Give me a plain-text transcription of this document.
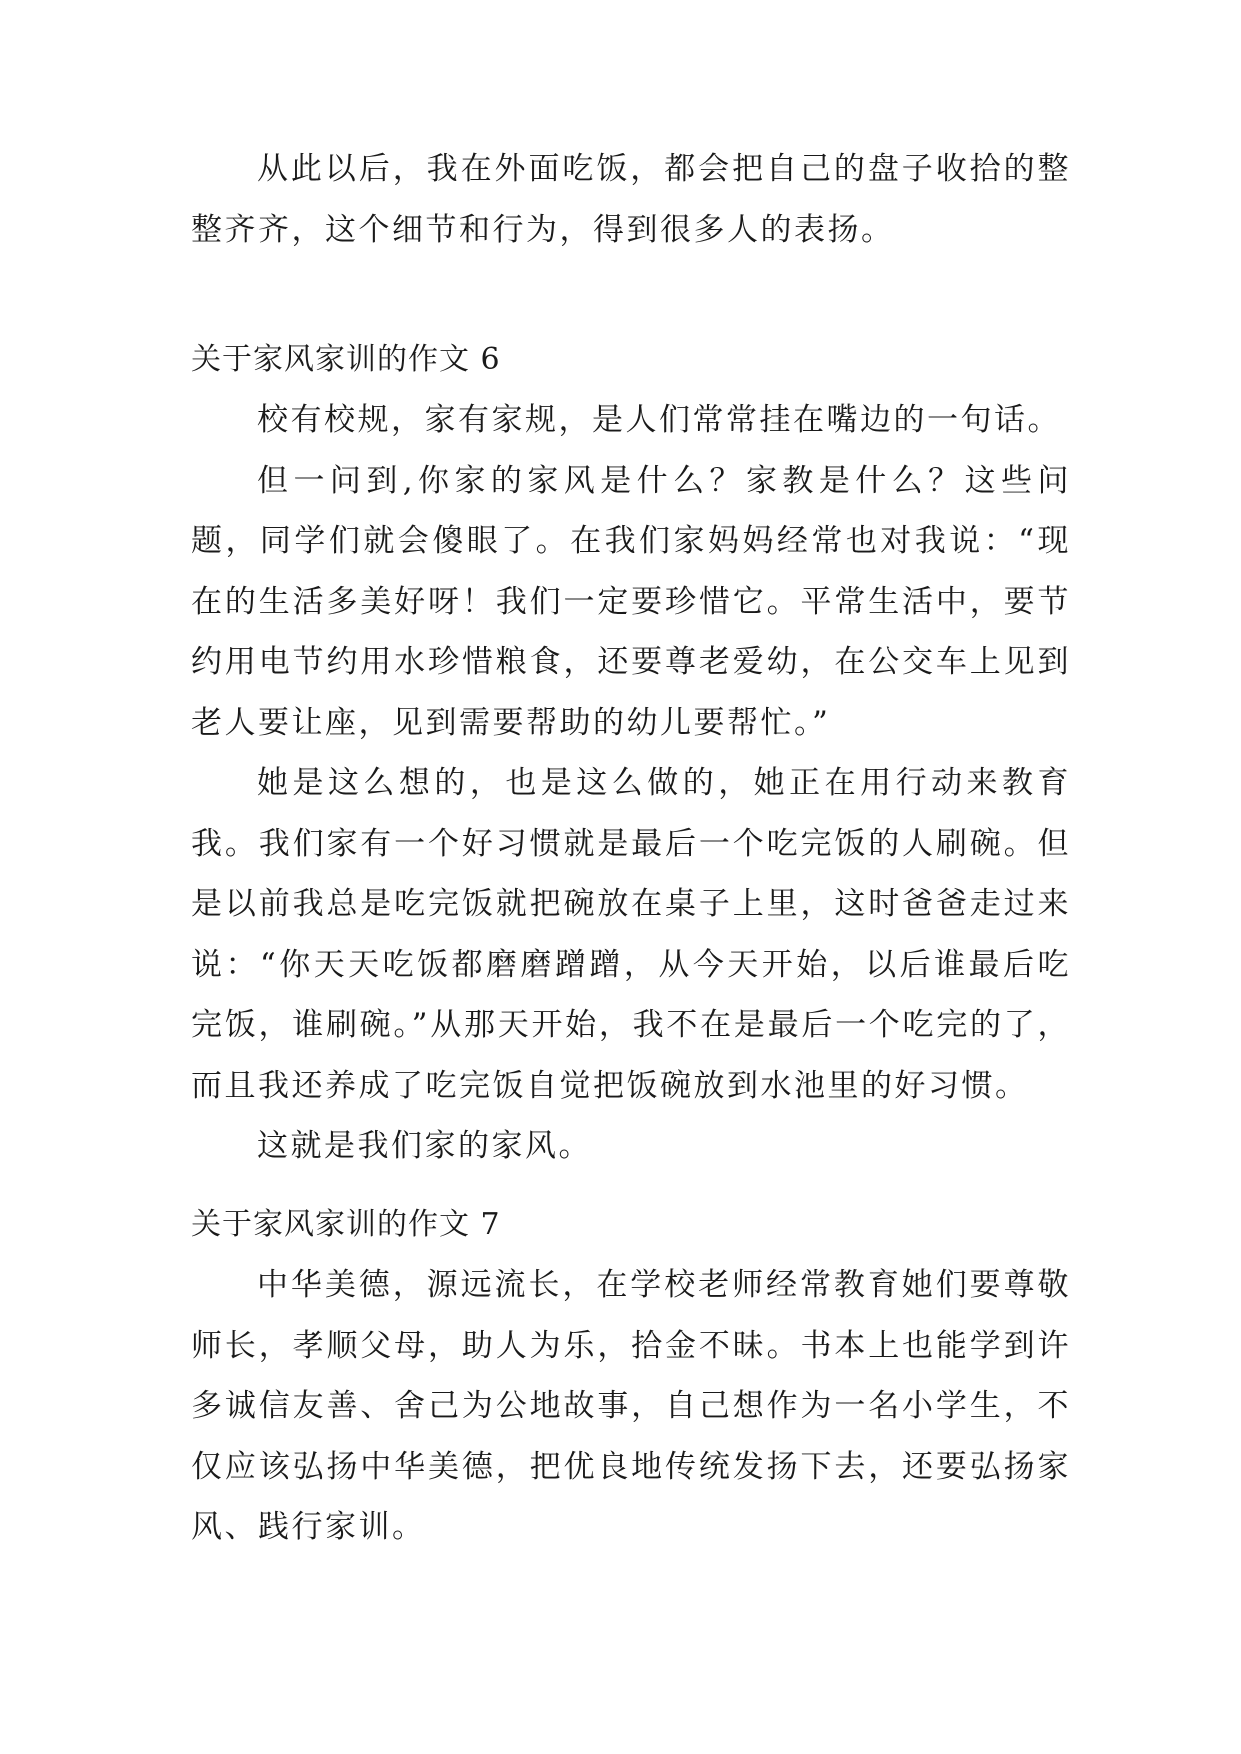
从此以后，我在外面吃饭，都会把自己的盘子收拾的整整齐齐，这个细节和行为，得到很多人的表扬。

关于家风家训的作文 6

校有校规，家有家规，是人们常常挂在嘴边的一句话。

但一问到,你家的家风是什么？家教是什么？这些问题，同学们就会傻眼了。在我们家妈妈经常也对我说：“现在的生活多美好呀！我们一定要珍惜它。平常生活中，要节约用电节约用水珍惜粮食，还要尊老爱幼，在公交车上见到老人要让座，见到需要帮助的幼儿要帮忙。”

她是这么想的，也是这么做的，她正在用行动来教育我。我们家有一个好习惯就是最后一个吃完饭的人刷碗。但是以前我总是吃完饭就把碗放在桌子上里，这时爸爸走过来说：“你天天吃饭都磨磨蹭蹭，从今天开始，以后谁最后吃完饭，谁刷碗。”从那天开始，我不在是最后一个吃完的了，而且我还养成了吃完饭自觉把饭碗放到水池里的好习惯。

这就是我们家的家风。

关于家风家训的作文 7

中华美德，源远流长，在学校老师经常教育她们要尊敬师长，孝顺父母，助人为乐，拾金不昧。书本上也能学到许多诚信友善、舍己为公地故事，自己想作为一名小学生，不仅应该弘扬中华美德，把优良地传统发扬下去，还要弘扬家风、践行家训。
